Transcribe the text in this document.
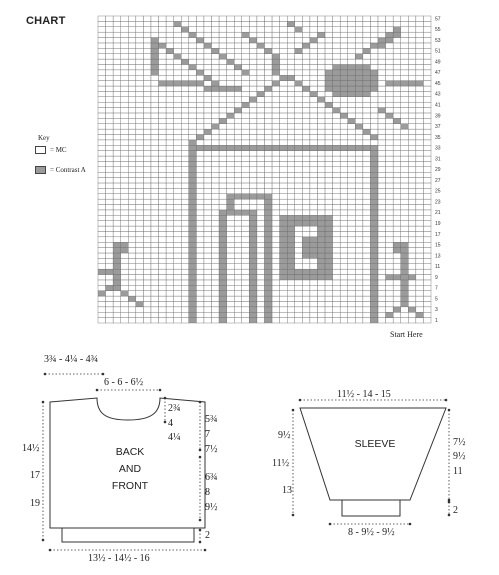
CHART	57
55
53
51
49
47
45
43
41
39
37
35
33
31
29
27
25
23
21
19
17
15
13
11
9
7
5
3
1
Key
= MC
= Contrast A
Start Here
3¾ - 4¼ - 4¾
6 - 6 - 6½
2¾
4
4¼
5¾
7
7½
6¾
8
9½
2
14½
17
19
13½ - 14½ - 16
BACK
AND
FRONT
11½ - 14 - 15
9½
11½
13
7½
9½
11
2
8 - 9½ - 9½
SLEEVE
